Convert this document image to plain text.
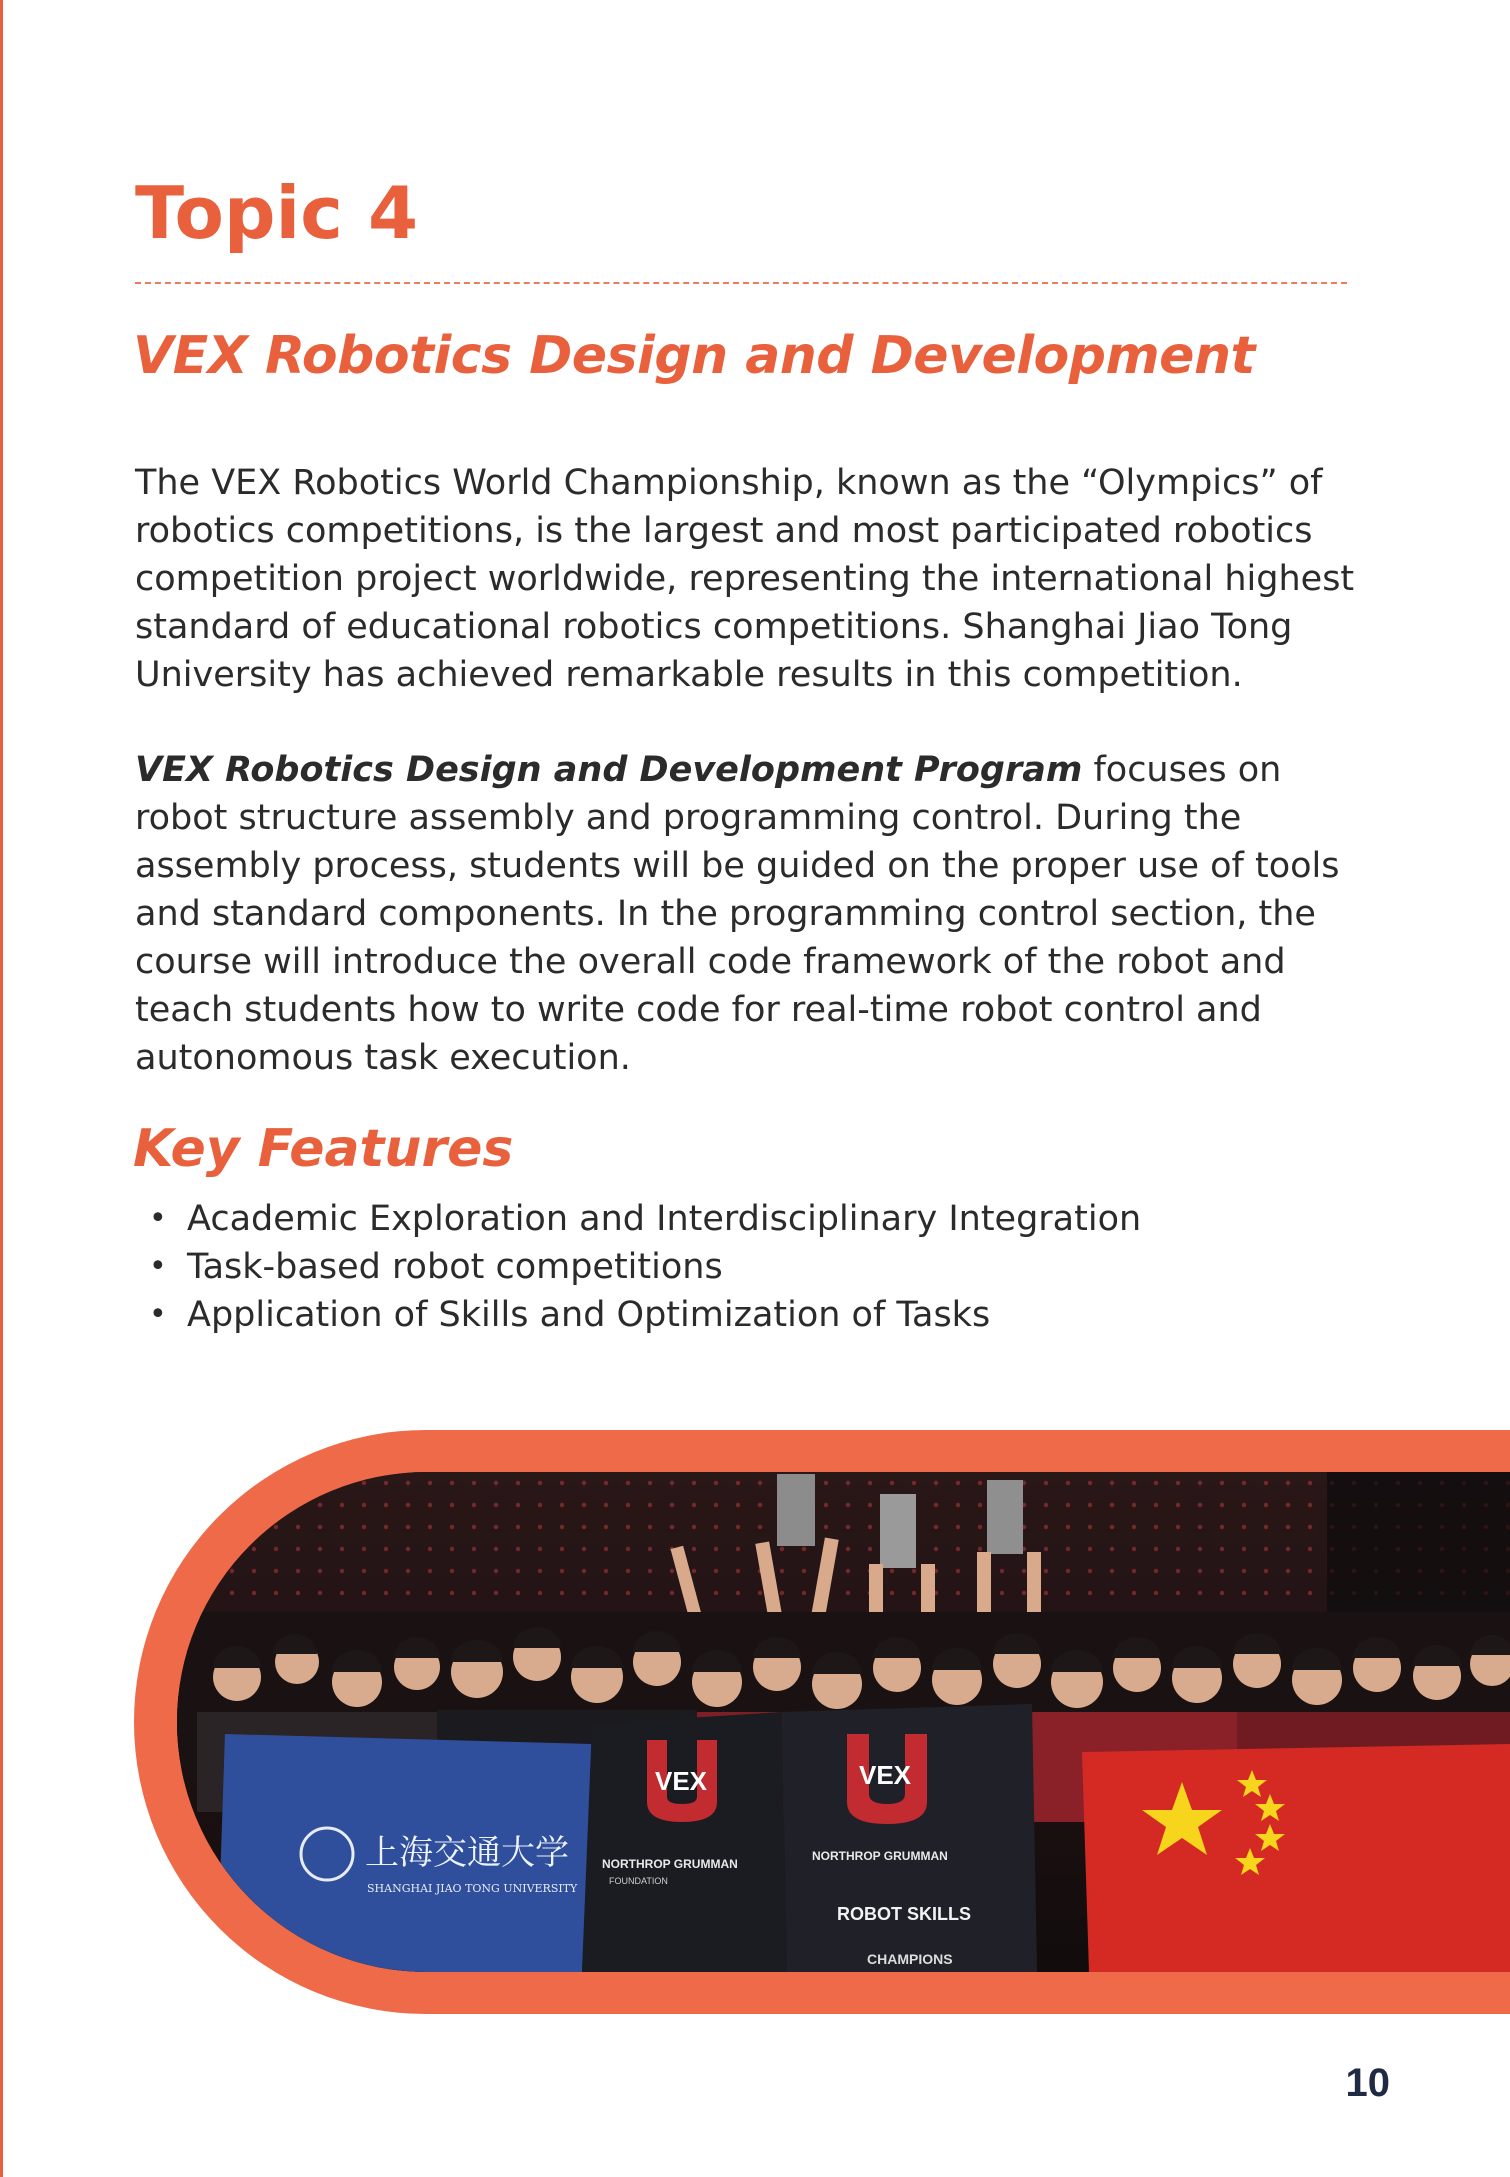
Topic 4
VEX Robotics Design and Development

The VEX Robotics World Championship, known as the “Olympics” of robotics competitions, is the largest and most participated robotics competition project worldwide, representing the international highest standard of educational robotics competitions. Shanghai Jiao Tong University has achieved remarkable results in this competition.

VEX Robotics Design and Development Program focuses on robot structure assembly and programming control. During the assembly process, students will be guided on the proper use of tools and standard components. In the programming control section, the course will introduce the overall code framework of the robot and teach students how to write code for real-time robot control and autonomous task execution.

Key Features
• Academic Exploration and Interdisciplinary Integration
• Task-based robot competitions
• Application of Skills and Optimization of Tasks
上海交通大学
SHANGHAI JIAO TONG UNIVERSITY
VEX
NORTHROP GRUMMAN
FOUNDATION
VEX
NORTHROP GRUMMAN
ROBOT SKILLS
CHAMPIONS

10
